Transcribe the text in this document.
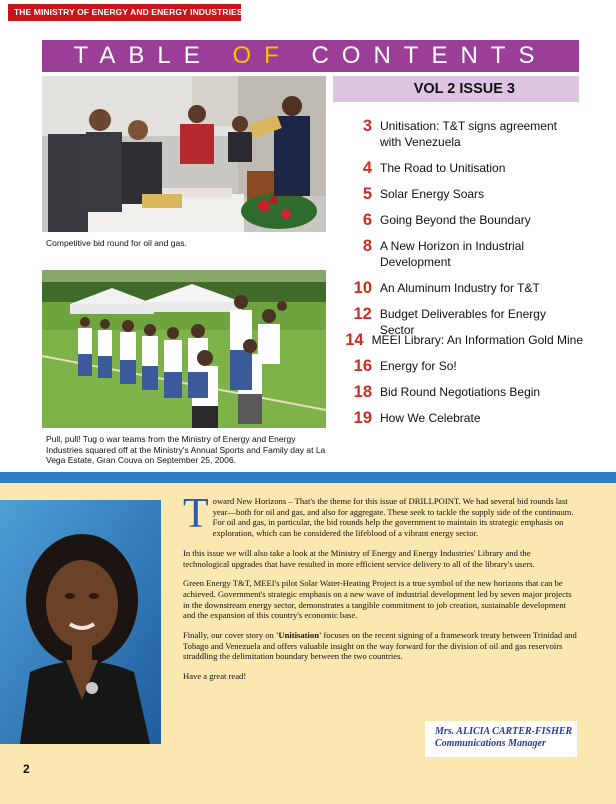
THE MINISTRY OF ENERGY AND ENERGY INDUSTRIES
TABLE OF CONTENTS
VOL 2 ISSUE 3
Competitive bid round for oil and gas.
Pull, pull! Tug o war teams from the Ministry of Energy and Energy Industries squared off at the Ministry's Annual Sports and Family day at La Vega Estate, Gran Couva on September 25, 2006.
3 Unitisation: T&T signs agreement with Venezuela
4 The Road to Unitisation
5 Solar Energy Soars
6 Going Beyond the Boundary
8 A New Horizon in Industrial Development
10 An Aluminum Industry for T&T
12 Budget Deliverables for Energy Sector
14 MEEI Library: An Information Gold Mine
16 Energy for So!
18 Bid Round Negotiations Begin
19 How We Celebrate

Toward New Horizons – That's the theme for this issue of DRILLPOINT. We had several bid rounds last year—both for oil and gas, and also for aggregate. These seek to tackle the supply side of the continuum. For oil and gas, in particular, the bid rounds help the government to maintain its strategic emphasis on exploration, which can be considered the lifeblood of a vibrant energy sector.

In this issue we will also take a look at the Ministry of Energy and Energy Industries' Library and the technological upgrades that have resulted in more efficient service delivery to all of the library's users.

Green Energy T&T, MEEI's pilot Solar Water-Heating Project is a true symbol of the new horizons that can be achieved. Government's strategic emphasis on a new wave of industrial development led by seven major projects in the downstream energy sector, demonstrates a tangible commitment to job creation, sustainable development and the expansion of this country's economic base.

Finally, our cover story on 'Unitisation' focuses on the recent signing of a framework treaty between Trinidad and Tobago and Venezuela and offers valuable insight on the way forward for the division of oil and gas reservoirs straddling the delimitation boundary between the two countries.

Have a great read!

Mrs. ALICIA CARTER-FISHER
Communications Manager
2
